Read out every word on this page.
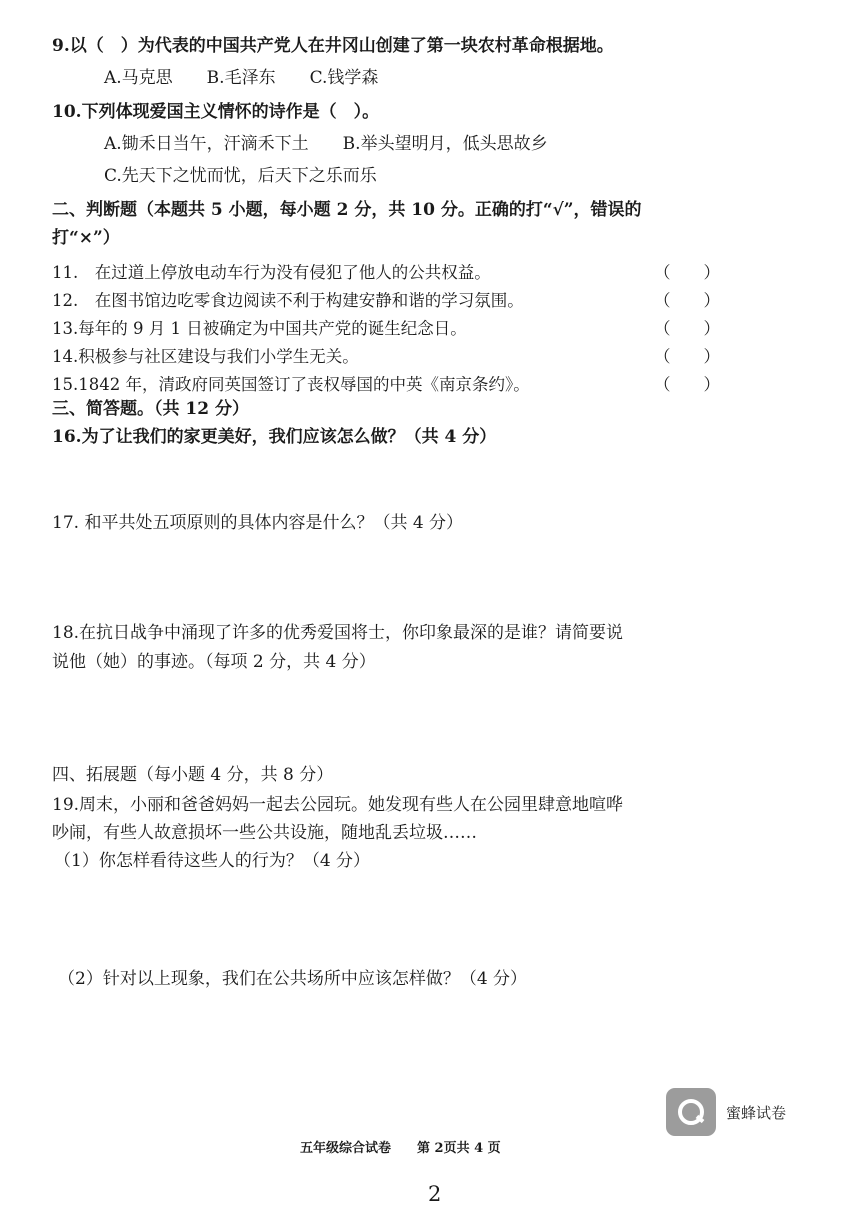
9.以（　）为代表的中国共产党人在井冈山创建了第一块农村革命根据地。
A.马克思　　B.毛泽东　　C.钱学森
10.下列体现爱国主义情怀的诗作是（　）。
A.锄禾日当午，汗滴禾下土　　B.举头望明月，低头思故乡
C.先天下之忧而忧，后天下之乐而乐
二、判断题（本题共 5 小题，每小题 2 分，共 10 分。正确的打“√”，错误的
打“×”）
11.　在过道上停放电动车行为没有侵犯了他人的公共权益。	（　　）
12.　在图书馆边吃零食边阅读不利于构建安静和谐的学习氛围。	（　　）
13.每年的 9 月 1 日被确定为中国共产党的诞生纪念日。	（　　）
14.积极参与社区建设与我们小学生无关。	（　　）
15.1842 年，清政府同英国签订了丧权辱国的中英《南京条约》。	（　　）
三、简答题。（共 12 分）
16.为了让我们的家更美好，我们应该怎么做？（共 4 分）
17. 和平共处五项原则的具体内容是什么？（共 4 分）
18.在抗日战争中涌现了许多的优秀爱国将士，你印象最深的是谁？请简要说
说他（她）的事迹。（每项 2 分，共 4 分）
四、拓展题（每小题 4 分，共 8 分）
19.周末，小丽和爸爸妈妈一起去公园玩。她发现有些人在公园里肆意地喧哗
吵闹，有些人故意损坏一些公共设施，随地乱丢垃圾……
（1）你怎样看待这些人的行为？（4 分）
（2）针对以上现象，我们在公共场所中应该怎样做？（4 分）
蜜蜂试卷
五年级综合试卷　　第 2页共 4 页
2
